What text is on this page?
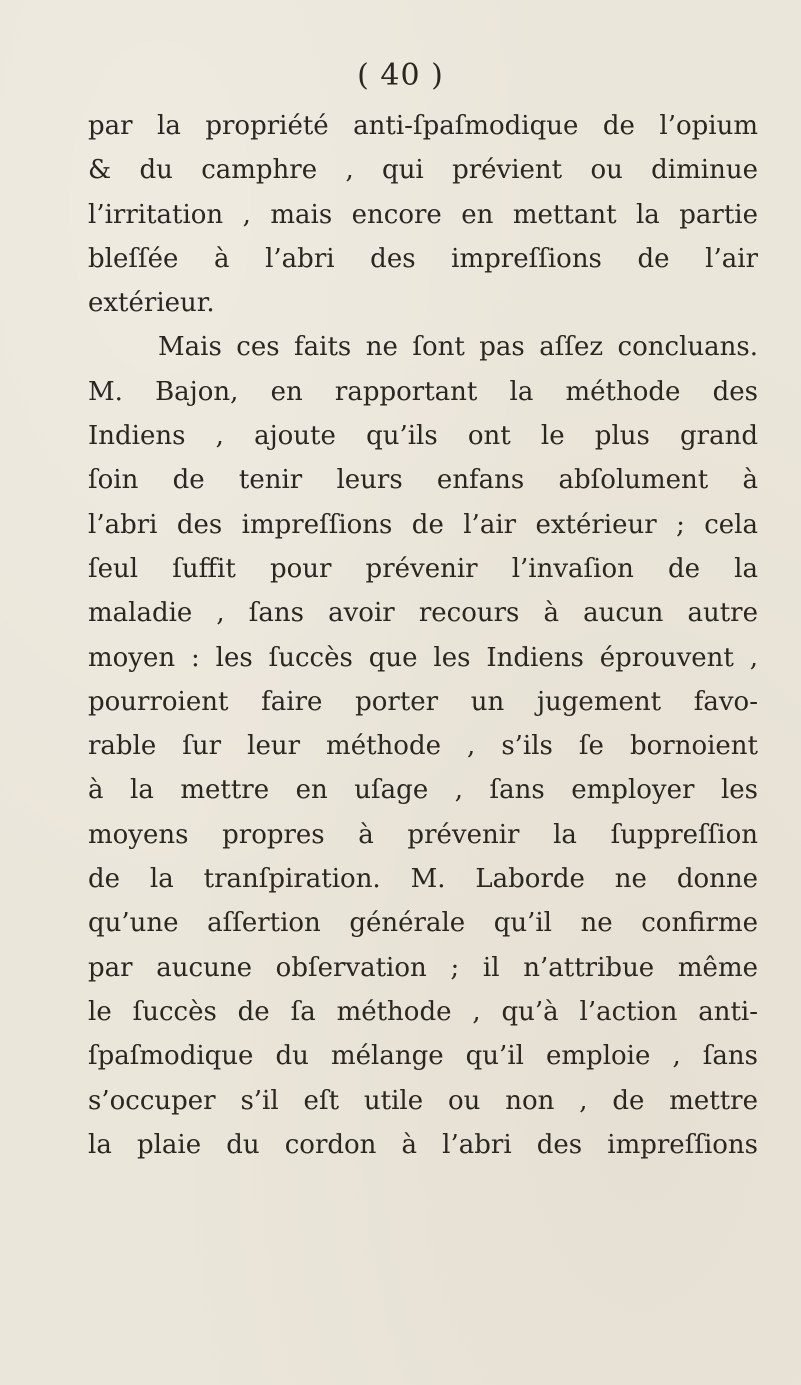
( 40 )
par la propriété anti-ſpaſmodique de l’opium
& du camphre , qui prévient ou diminue
l’irritation , mais encore en mettant la partie
bleſſée à l’abri des impreſſions de l’air
extérieur.
Mais ces faits ne ſont pas aſſez concluans.
M. Bajon, en rapportant la méthode des
Indiens , ajoute qu’ils ont le plus grand
ſoin de tenir leurs enfans abſolument à
l’abri des impreſſions de l’air extérieur ; cela
ſeul ſuffit pour prévenir l’invaſion de la
maladie , ſans avoir recours à aucun autre
moyen : les ſuccès que les Indiens éprouvent ,
pourroient faire porter un jugement favo-
rable ſur leur méthode , s’ils ſe bornoient
à la mettre en uſage , ſans employer les
moyens propres à prévenir la ſuppreſſion
de la tranſpiration. M. Laborde ne donne
qu’une aſſertion générale qu’il ne confirme
par aucune obſervation ; il n’attribue même
le ſuccès de ſa méthode , qu’à l’action anti-
ſpaſmodique du mélange qu’il emploie , ſans
s’occuper s’il eſt utile ou non , de mettre
la plaie du cordon à l’abri des impreſſions
